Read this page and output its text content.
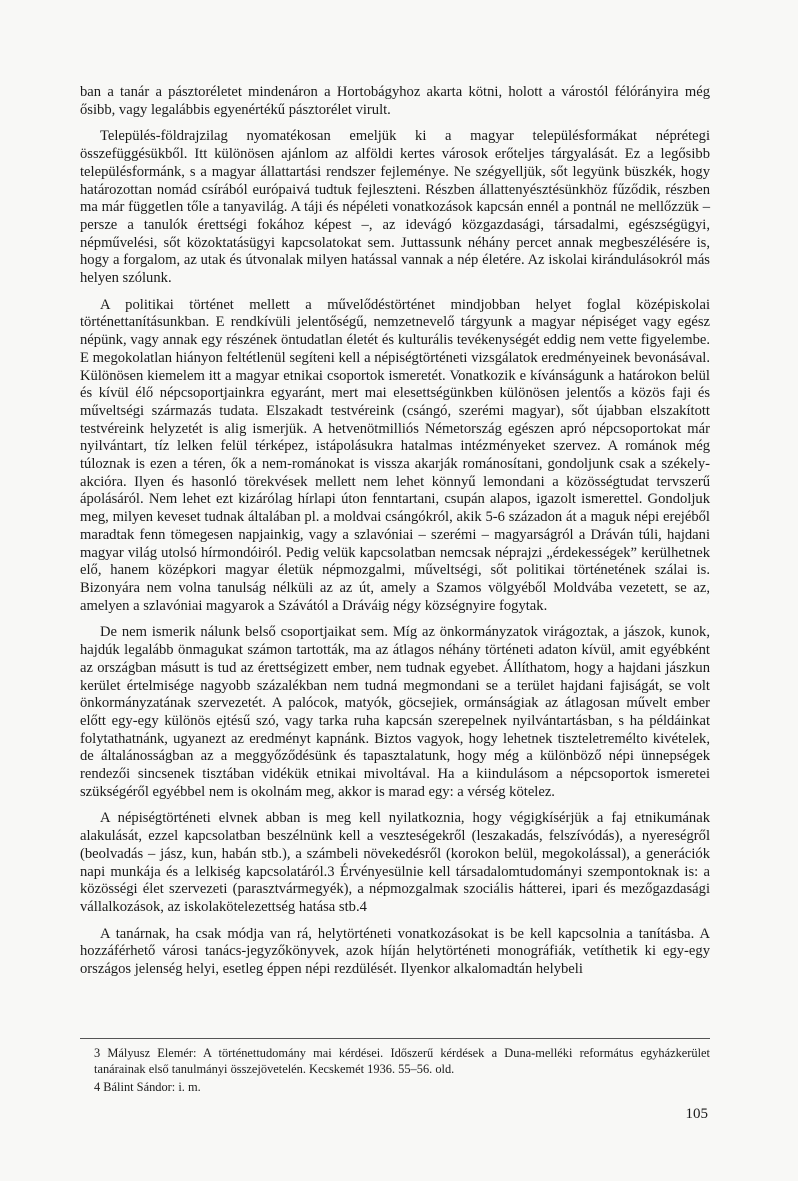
ban a tanár a pásztoréletet mindenáron a Hortobágyhoz akarta kötni, holott a várostól félórányira még ősibb, vagy legalábbis egyenértékű pásztorélet virult.

Település-földrajzilag nyomatékosan emeljük ki a magyar településformákat néprétegi összefüggésükből. Itt különösen ajánlom az alföldi kertes városok erőteljes tárgyalását. Ez a legősibb településformánk, s a magyar állattartási rendszer fejleménye. Ne szégyelljük, sőt legyünk büszkék, hogy határozottan nomád csírából európaivá tudtuk fejleszteni. Részben állattenyésztésünkhöz fűződik, részben ma már független tőle a tanyavilág. A táji és népéleti vonatkozások kapcsán ennél a pontnál ne mellőzzük – persze a tanulók érettségi fokához képest –, az idevágó közgazdasági, társadalmi, egészségügyi, népművelési, sőt közoktatásügyi kapcsolatokat sem. Juttassunk néhány percet annak megbeszélésére is, hogy a forgalom, az utak és útvonalak milyen hatással vannak a nép életére. Az iskolai kirándulásokról más helyen szólunk.

A politikai történet mellett a művelődéstörténet mindjobban helyet foglal középiskolai történettanításunkban. E rendkívüli jelentőségű, nemzetnevelő tárgyunk a magyar népiséget vagy egész népünk, vagy annak egy részének öntudatlan életét és kulturális tevékenységét eddig nem vette figyelembe. E megokolatlan hiányon feltétlenül segíteni kell a népiségtörténeti vizsgálatok eredményeinek bevonásával. Különösen kiemelem itt a magyar etnikai csoportok ismeretét. Vonatkozik e kívánságunk a határokon belül és kívül élő népcsoportjainkra egyaránt, mert mai elesettségünkben különösen jelentős a közös faji és műveltségi származás tudata. Elszakadt testvéreink (csángó, szerémi magyar), sőt újabban elszakított testvéreink helyzetét is alig ismerjük. A hetvenötmilliós Németország egészen apró népcsoportokat már nyilvántart, tíz lelken felül térképez, istápolásukra hatalmas intézményeket szervez. A románok még túloznak is ezen a téren, ők a nem-románokat is vissza akarják románosítani, gondoljunk csak a székely-akcióra. Ilyen és hasonló törekvések mellett nem lehet könnyű lemondani a közösségtudat tervszerű ápolásáról. Nem lehet ezt kizárólag hírlapi úton fenntartani, csupán alapos, igazolt ismerettel. Gondoljuk meg, milyen keveset tudnak általában pl. a moldvai csángókról, akik 5-6 századon át a maguk népi erejéből maradtak fenn tömegesen napjainkig, vagy a szlavóniai – szerémi – magyarságról a Dráván túli, hajdani magyar világ utolsó hírmondóiról. Pedig velük kapcsolatban nemcsak néprajzi „érdekességek” kerülhetnek elő, hanem középkori magyar életük népmozgalmi, műveltségi, sőt politikai történetének szálai is. Bizonyára nem volna tanulság nélküli az az út, amely a Szamos völgyéből Moldvába vezetett, se az, amelyen a szlavóniai magyarok a Szávától a Dráváig négy községnyire fogytak.

De nem ismerik nálunk belső csoportjaikat sem. Míg az önkormányzatok virágoztak, a jászok, kunok, hajdúk legalább önmagukat számon tartották, ma az átlagos néhány történeti adaton kívül, amit egyébként az országban másutt is tud az érettségizett ember, nem tudnak egyebet. Állíthatom, hogy a hajdani jászkun kerület értelmisége nagyobb százalékban nem tudná megmondani se a terület hajdani fajiságát, se volt önkormányzatának szervezetét. A palócok, matyók, göcsejiek, ormánságiak az átlagosan művelt ember előtt egy-egy különös ejtésű szó, vagy tarka ruha kapcsán szerepelnek nyilvántartásban, s ha példáinkat folytathatnánk, ugyanezt az eredményt kapnánk. Biztos vagyok, hogy lehetnek tiszteletremélto kivételek, de általánosságban az a meggyőződésünk és tapasztalatunk, hogy még a különböző népi ünnepségek rendezői sincsenek tisztában vidékük etnikai mivoltával. Ha a kiindulásom a népcsoportok ismeretei szükségéről egyébbel nem is okolnám meg, akkor is marad egy: a vérség kötelez.

A népiségtörténeti elvnek abban is meg kell nyilatkoznia, hogy végigkísérjük a faj etnikumának alakulását, ezzel kapcsolatban beszélnünk kell a veszteségekről (leszakadás, felszívódás), a nyereségről (beolvadás – jász, kun, habán stb.), a számbeli növekedésről (korokon belül, megokolással), a generációk napi munkája és a lelkiség kapcsolatáról.3 Érvényesülnie kell társadalomtudományi szempontoknak is: a közösségi élet szervezeti (parasztvármegyék), a népmozgalmak szociális hátterei, ipari és mezőgazdasági vállalkozások, az iskolakötelezettség hatása stb.4

A tanárnak, ha csak módja van rá, helytörténeti vonatkozásokat is be kell kapcsolnia a tanításba. A hozzáférhető városi tanács-jegyzőkönyvek, azok híján helytörténeti monográfiák, vetíthetik ki egy-egy országos jelenség helyi, esetleg éppen népi rezdülését. Ilyenkor alkalomadtán helybeli

3 Mályusz Elemér: A történettudomány mai kérdései. Időszerű kérdések a Duna-melléki református egyházkerület tanárainak első tanulmányi összejövetelén. Kecskemét 1936. 55–56. old.
4 Bálint Sándor: i. m.
105
